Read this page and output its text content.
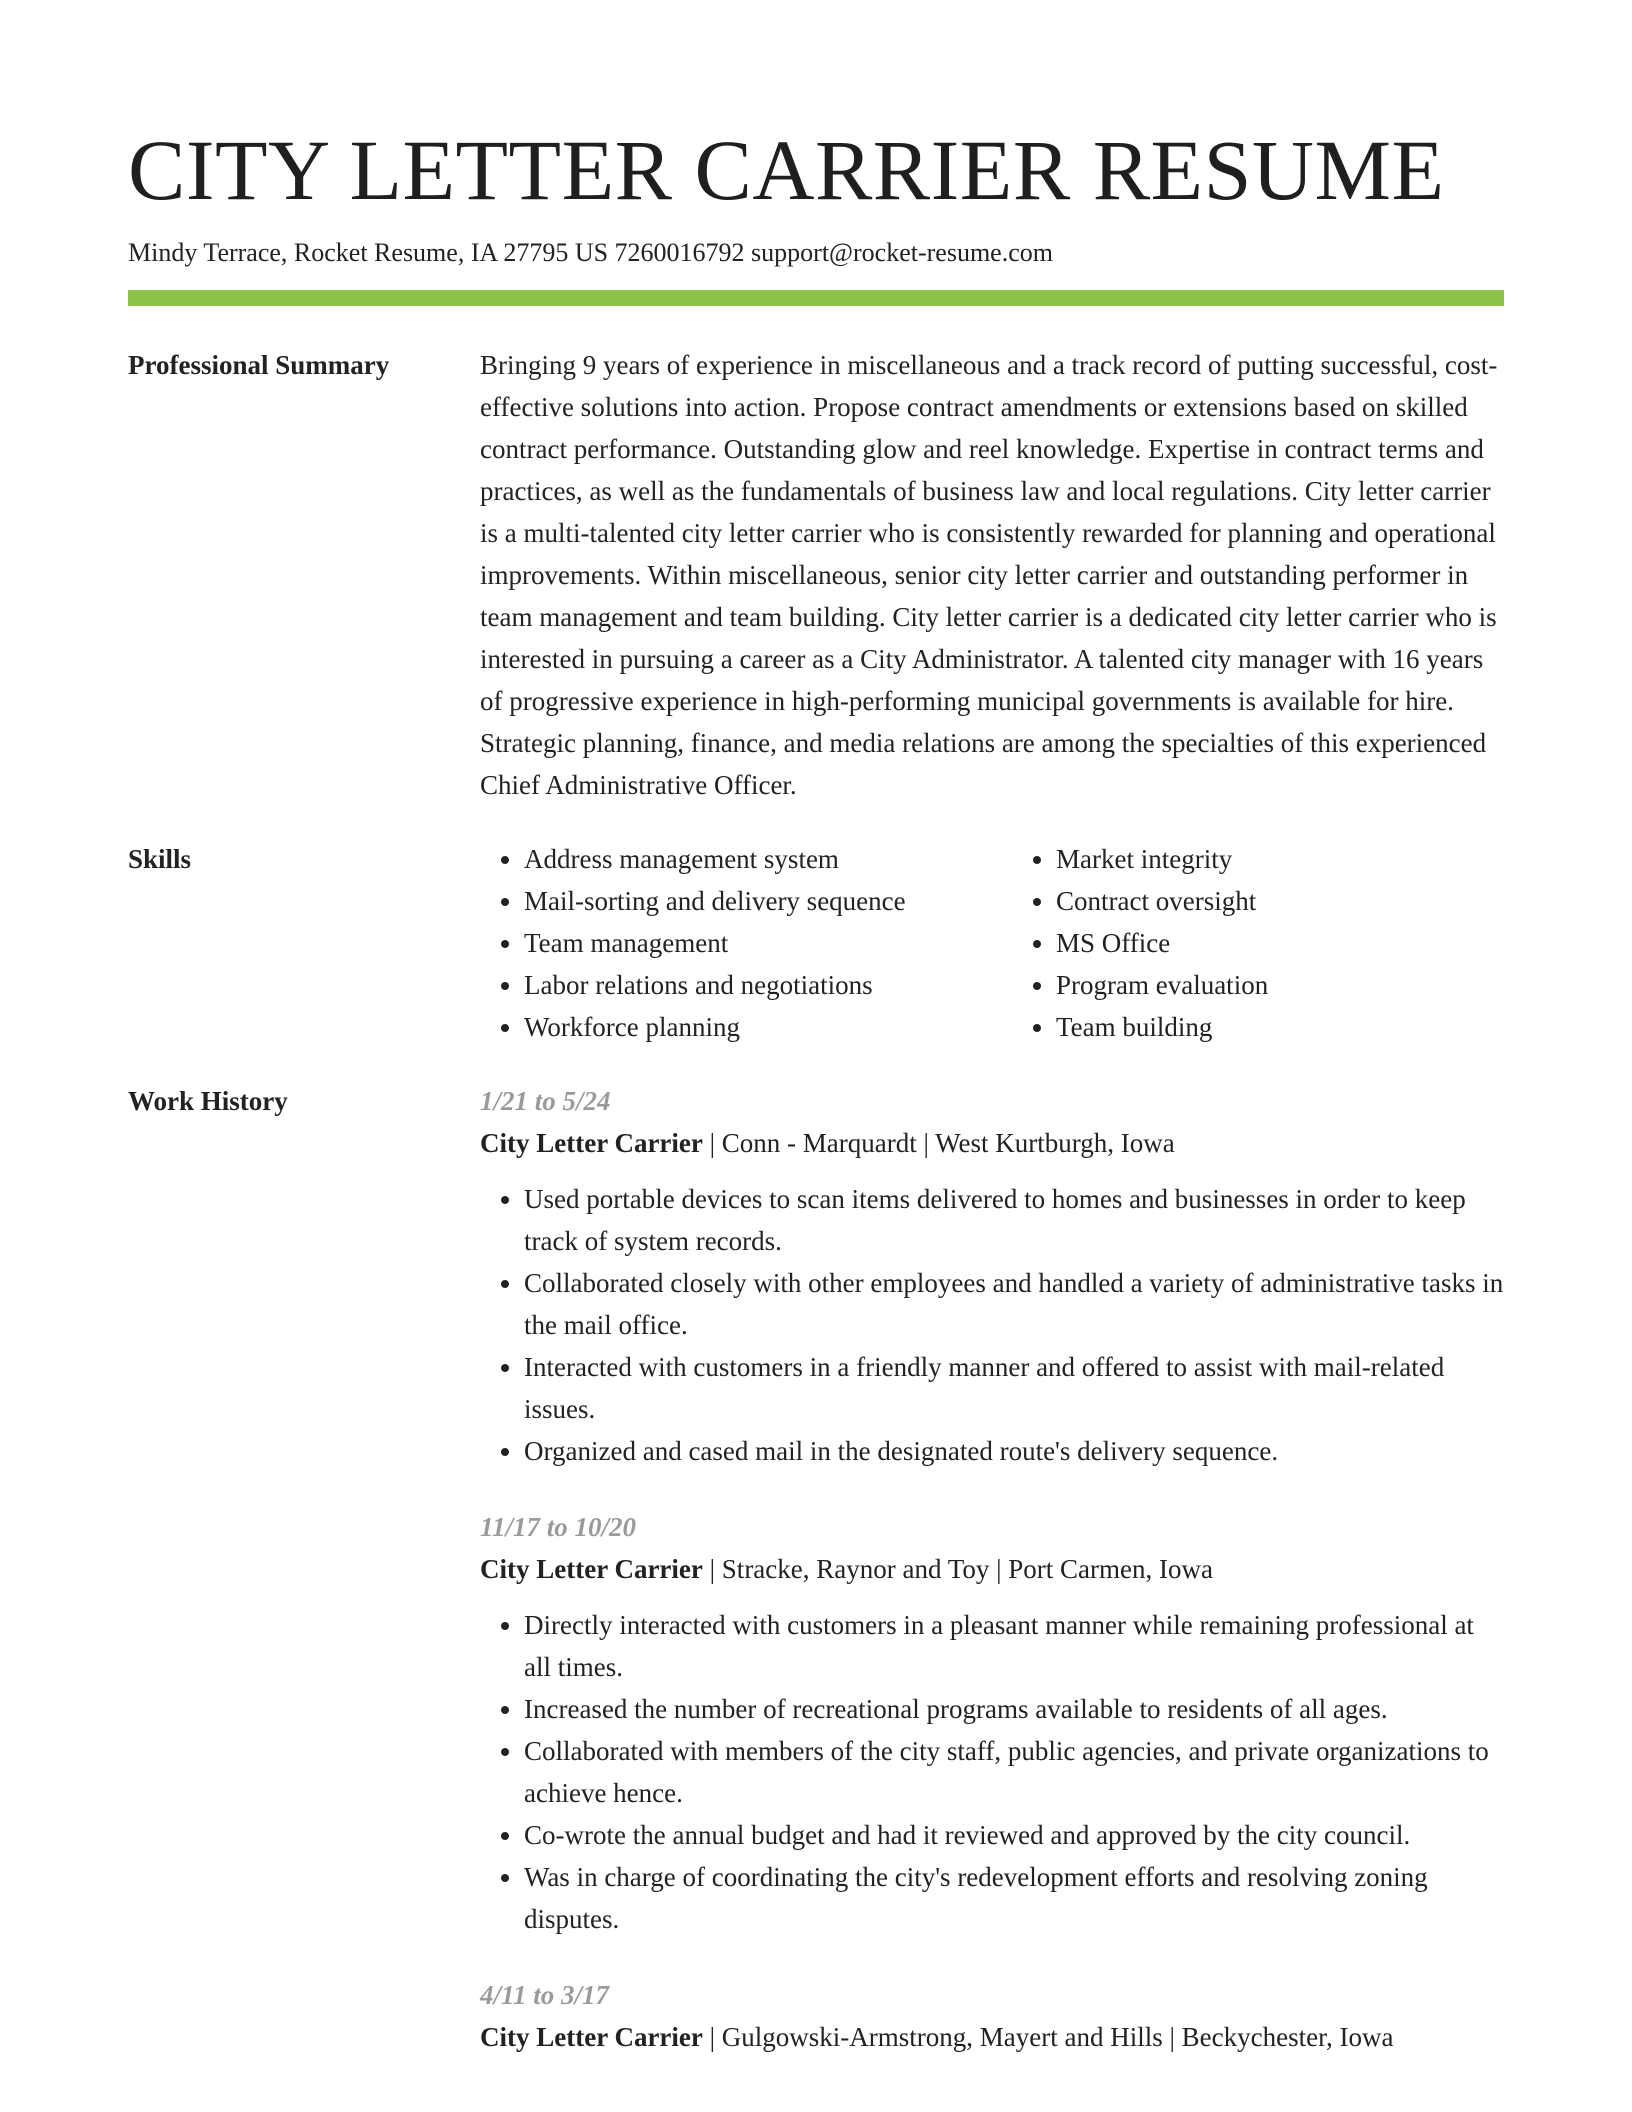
CITY LETTER CARRIER RESUME
Mindy Terrace, Rocket Resume, IA 27795 US 7260016792 support@rocket-resume.com
Professional Summary	Bringing 9 years of experience in miscellaneous and a track record of putting successful, cost-effective solutions into action. Propose contract amendments or extensions based on skilled contract performance. Outstanding glow and reel knowledge. Expertise in contract terms and practices, as well as the fundamentals of business law and local regulations. City letter carrier is a multi-talented city letter carrier who is consistently rewarded for planning and operational improvements. Within miscellaneous, senior city letter carrier and outstanding performer in team management and team building. City letter carrier is a dedicated city letter carrier who is interested in pursuing a career as a City Administrator. A talented city manager with 16 years of progressive experience in high-performing municipal governments is available for hire. Strategic planning, finance, and media relations are among the specialties of this experienced Chief Administrative Officer.

Skills
•	Address management system
• Mail-sorting and delivery sequence
• Team management
• Labor relations and negotiations
• Workforce planning
• Market integrity
• Contract oversight
• MS Office
• Program evaluation
• Team building
Work History	1/21 to 5/24
City Letter Carrier | Conn - Marquardt | West Kurtburgh, Iowa
• Used portable devices to scan items delivered to homes and businesses in order to keep track of system records.
• Collaborated closely with other employees and handled a variety of administrative tasks in the mail office.
• Interacted with customers in a friendly manner and offered to assist with mail-related issues.
• Organized and cased mail in the designated route's delivery sequence.
11/17 to 10/20
City Letter Carrier | Stracke, Raynor and Toy | Port Carmen, Iowa
• Directly interacted with customers in a pleasant manner while remaining professional at all times.
• Increased the number of recreational programs available to residents of all ages.
• Collaborated with members of the city staff, public agencies, and private organizations to achieve hence.
• Co-wrote the annual budget and had it reviewed and approved by the city council.
• Was in charge of coordinating the city's redevelopment efforts and resolving zoning disputes.
4/11 to 3/17
City Letter Carrier | Gulgowski-Armstrong, Mayert and Hills | Beckychester, Iowa
